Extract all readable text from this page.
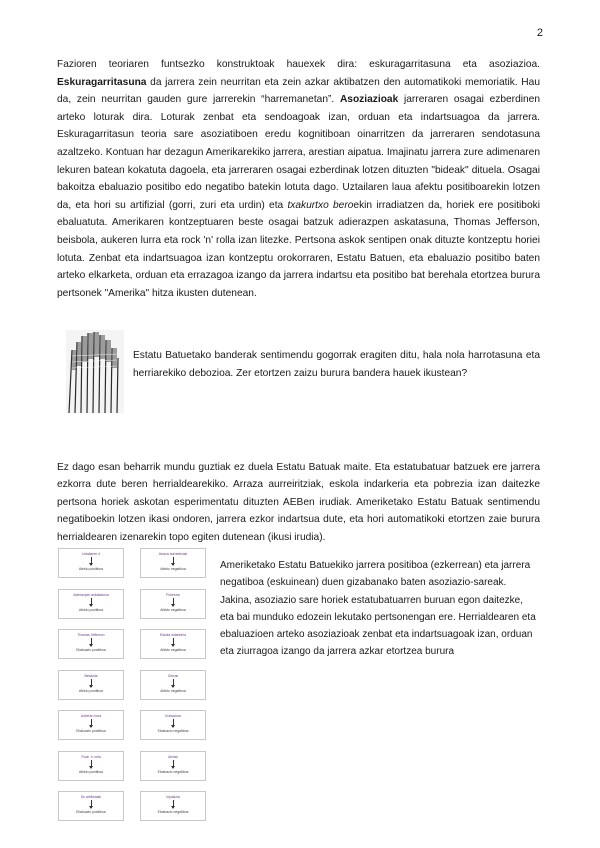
2

Fazioren teoriaren funtsezko konstruktoak hauexek dira: eskuragarritasuna eta asoziazioa. Eskuragarritasuna da jarrera zein neurritan eta zein azkar aktibatzen den automatikoki memoriatik. Hau da, zein neurritan gauden gure jarrerekin “harremanetan”. Asoziazioak jarreraren osagai ezberdinen arteko loturak dira. Loturak zenbat eta sendoagoak izan, orduan eta indartsuagoa da jarrera. Eskuragarritasun teoria sare asoziatiboen eredu kognitiboan oinarritzen da jarreraren sendotasuna azaltzeko. Kontuan har dezagun Amerikarekiko jarrera, arestian aipatua. Imajinatu jarrera zure adimenaren lekuren batean kokatuta dagoela, eta jarreraren osagai ezberdinak lotzen dituzten "bideak" dituela. Osagai bakoitza ebaluazio positibo edo negatibo batekin lotuta dago. Uztailaren laua afektu positiboarekin lotzen da, eta hori su artifizial (gorri, zuri eta urdin) eta txakurtxo beroekin irradiatzen da, horiek ere positiboki ebaluatuta. Amerikaren kontzeptuaren beste osagai batzuk adierazpen askatasuna, Thomas Jefferson, beisbola, aukeren lurra eta rock 'n' rolla izan litezke. Pertsona askok sentipen onak dituzte kontzeptu horiei lotuta. Zenbat eta indartsuagoa izan kontzeptu orokorraren, Estatu Batuen, eta ebaluazio positibo baten arteko elkarketa, orduan eta errazagoa izango da jarrera indartsu eta positibo bat berehala etortzea burura pertsonek "Amerika" hitza ikusten dutenean.

Estatu Batuetako banderak sentimendu gogorrak eragiten ditu, hala nola harrotasuna eta herriarekiko debozioa. Zer etortzen zaizu burura bandera hauek ikustean?

Ez dago esan beharrik mundu guztiak ez duela Estatu Batuak maite. Eta estatubatuar batzuek ere jarrera ezkorra dute beren herrialdearekiko. Arraza aurreiritziak, eskola indarkeria eta pobrezia izan daitezke pertsona horiek askotan esperimentatu dituzten AEBen irudiak. Ameriketako Estatu Batuak sentimendu negatiboekin lotzen ikasi ondoren, jarrera ezkor indartsua dute, eta hori automatikoki etortzen zaie burura herrialdearen izenarekin topo egiten dutenean (ikusi irudia).

Uztailaren 4
Afektu positiboa
Adierazpen askatasuna
Afektu positiboa
Thomas Jefferson
Ebaluazio positiboa
Beisbola
Afektu positiboa
Aukeren lurra
Ebaluazio positiboa
Rock 'n' rolla
Afektu positiboa
Su artifizialak
Ebaluazio positiboa
Arraza aurreiritziak
Afektu negatiboa
Pobrezia
Afektu negatiboa
Eskola indarkeria
Afektu negatiboa
Gerrak
Afektu negatiboa
Kutsadura
Ebaluazio negatiboa
Armak
Ebaluazio negatiboa
Injustizia
Ebaluazio negatiboa

Ameriketako Estatu Batuekiko jarrera positiboa (ezkerrean) eta jarrera negatiboa (eskuinean) duen gizabanako baten asoziazio-sareak. Jakina, asoziazio sare horiek estatubatuarren buruan egon daitezke, eta bai munduko edozein lekutako pertsonengan ere. Herrialdearen eta ebaluazioen arteko asoziazioak zenbat eta indartsuagoak izan, orduan eta ziurragoa izango da jarrera azkar etortzea burura
